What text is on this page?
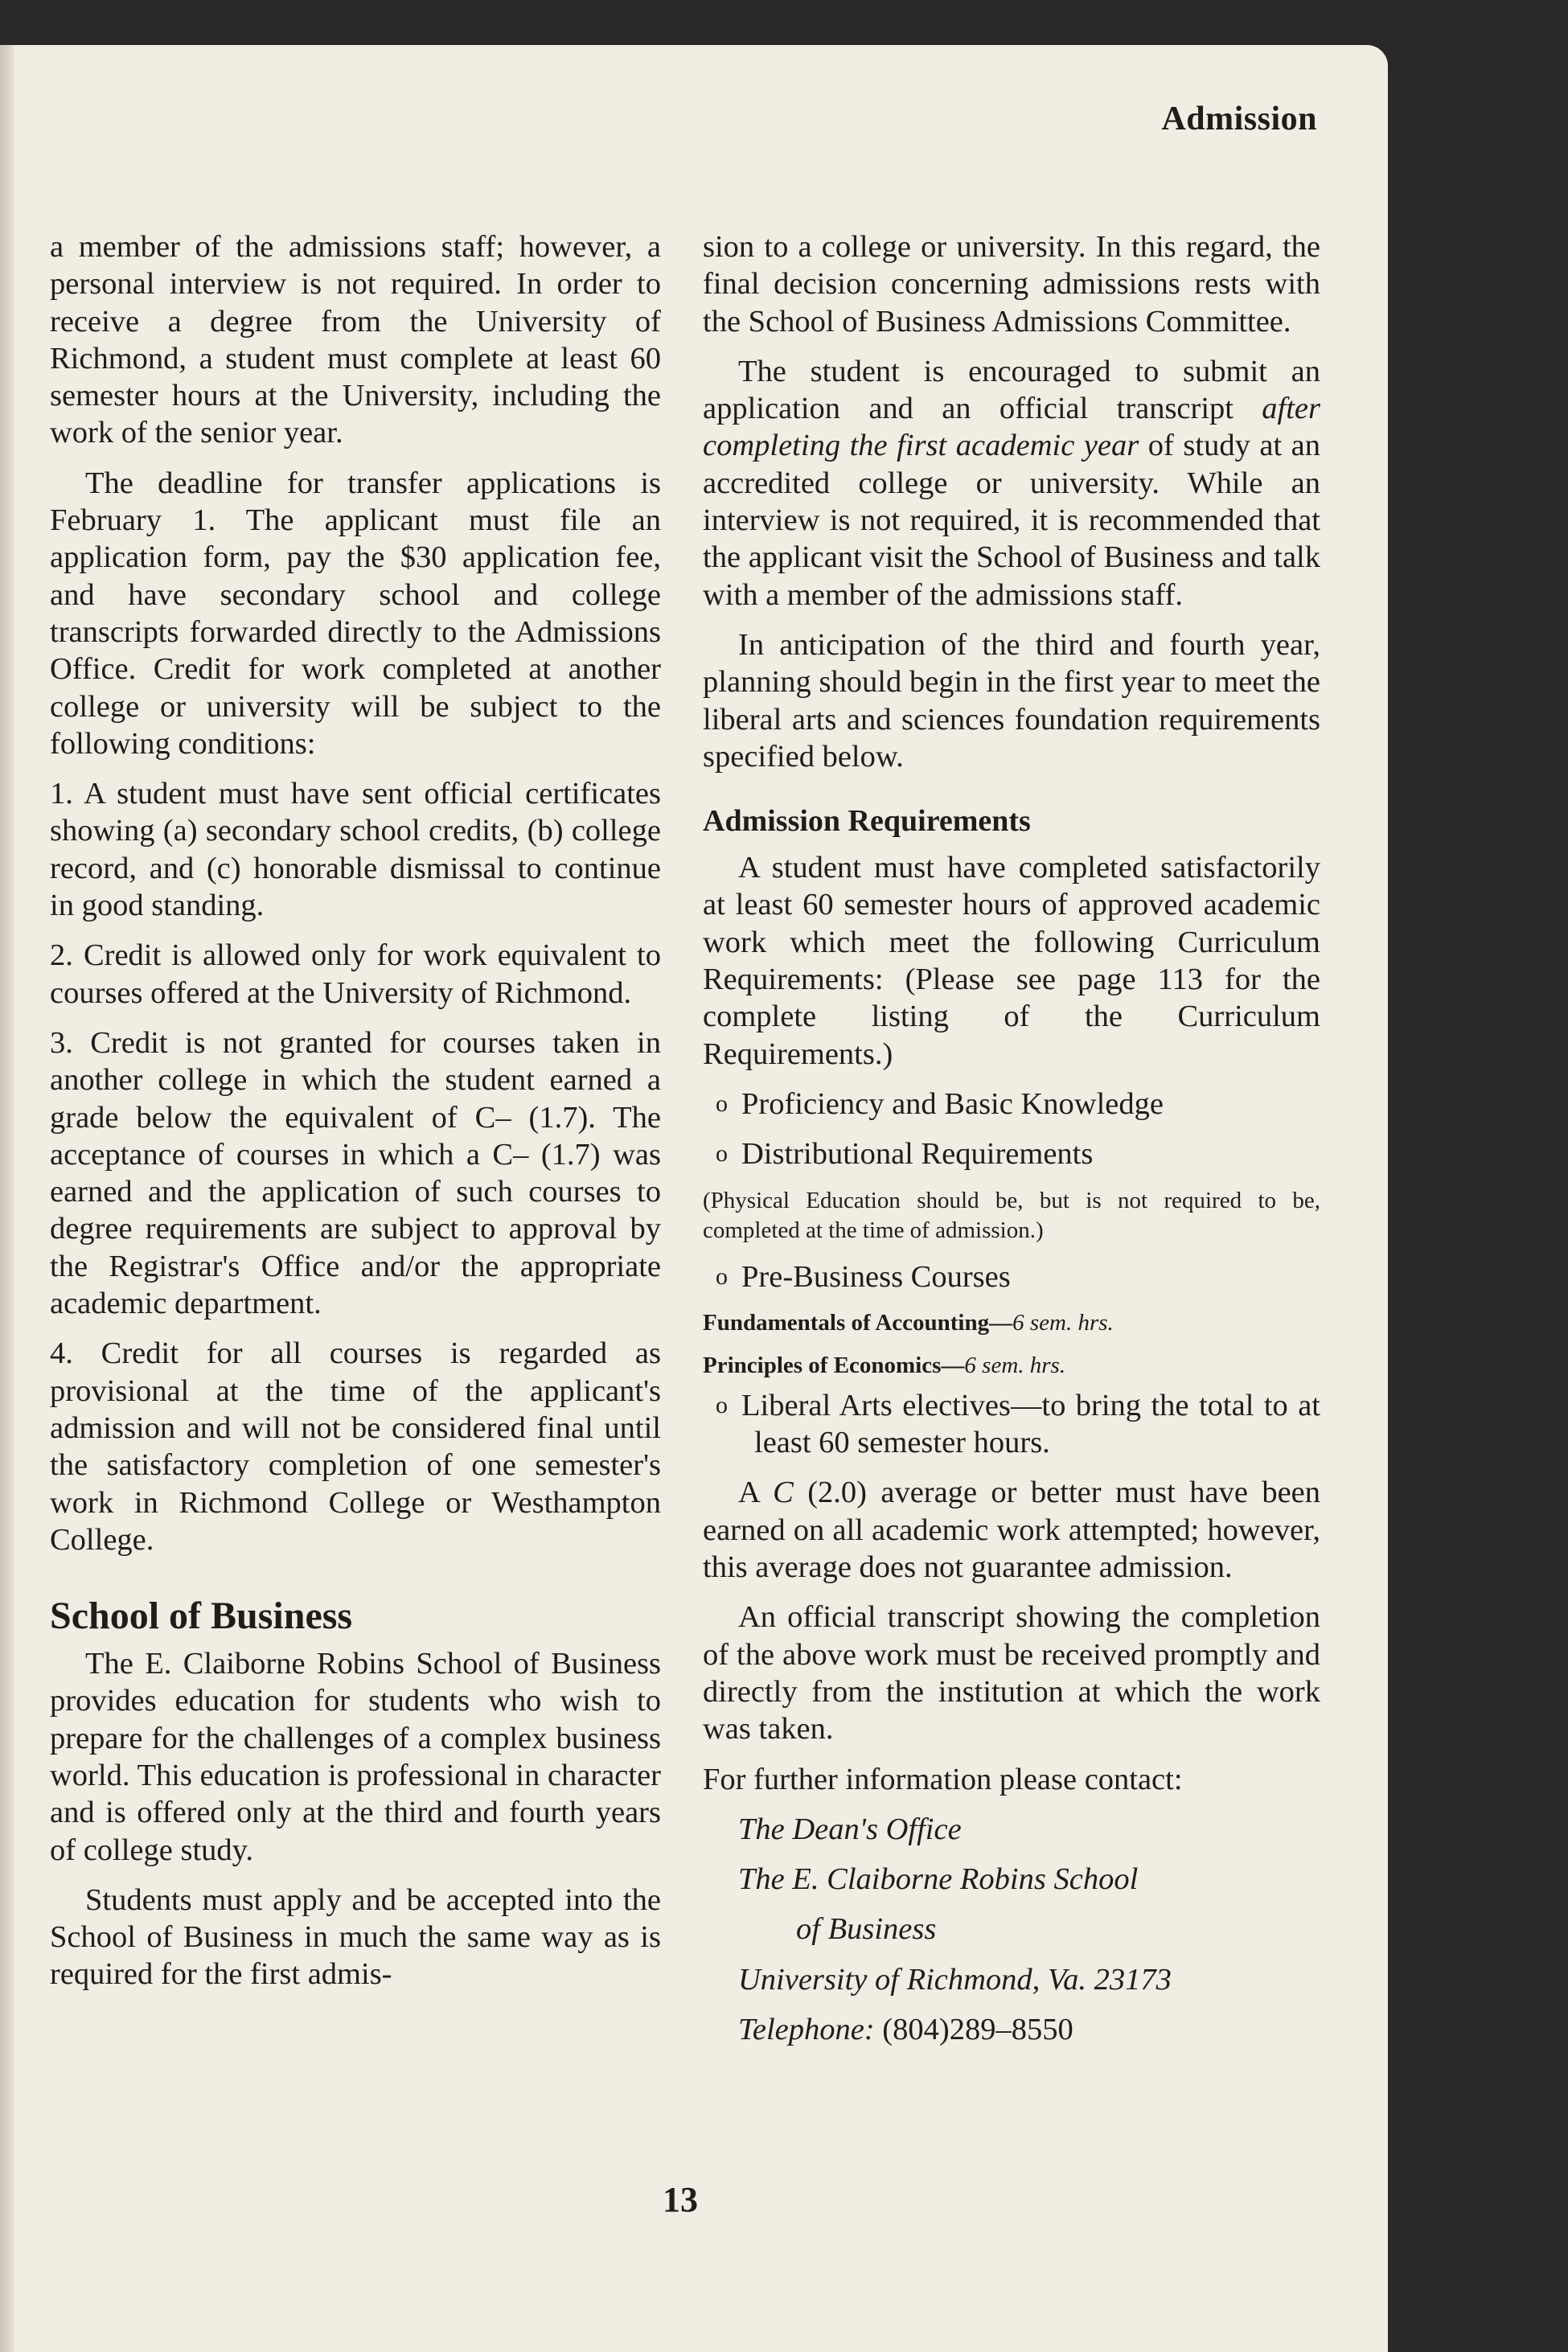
Admission

a member of the admissions staff; however, a personal interview is not required. In order to receive a degree from the University of Richmond, a student must complete at least 60 semester hours at the University, including the work of the senior year.

The deadline for transfer applications is February 1. The applicant must file an application form, pay the $30 application fee, and have secondary school and college transcripts forwarded directly to the Admissions Office. Credit for work completed at another college or university will be subject to the following conditions:

1. A student must have sent official certificates showing (a) secondary school credits, (b) college record, and (c) honorable dismissal to continue in good standing.

2. Credit is allowed only for work equivalent to courses offered at the University of Richmond.

3. Credit is not granted for courses taken in another college in which the student earned a grade below the equivalent of C– (1.7). The acceptance of courses in which a C– (1.7) was earned and the application of such courses to degree requirements are subject to approval by the Registrar's Office and/or the appropriate academic department.

4. Credit for all courses is regarded as provisional at the time of the applicant's admission and will not be considered final until the satisfactory completion of one semester's work in Richmond College or Westhampton College.

School of Business

The E. Claiborne Robins School of Business provides education for students who wish to prepare for the challenges of a complex business world. This education is professional in character and is offered only at the third and fourth years of college study.

Students must apply and be accepted into the School of Business in much the same way as is required for the first admis-

sion to a college or university. In this regard, the final decision concerning admissions rests with the School of Business Admissions Committee.

The student is encouraged to submit an application and an official transcript after completing the first academic year of study at an accredited college or university. While an interview is not required, it is recommended that the applicant visit the School of Business and talk with a member of the admissions staff.

In anticipation of the third and fourth year, planning should begin in the first year to meet the liberal arts and sciences foundation requirements specified below.

Admission Requirements

A student must have completed satisfactorily at least 60 semester hours of approved academic work which meet the following Curriculum Requirements: (Please see page 113 for the complete listing of the Curriculum Requirements.)

o Proficiency and Basic Knowledge

o Distributional Requirements

(Physical Education should be, but is not required to be, completed at the time of admission.)

o Pre-Business Courses

Fundamentals of Accounting—6 sem. hrs.

Principles of Economics—6 sem. hrs.

o Liberal Arts electives—to bring the total to at least 60 semester hours.

A C (2.0) average or better must have been earned on all academic work attempted; however, this average does not guarantee admission.

An official transcript showing the completion of the above work must be received promptly and directly from the institution at which the work was taken.

For further information please contact:

The Dean's Office

The E. Claiborne Robins School

of Business

University of Richmond, Va. 23173

Telephone: (804)289–8550

13
